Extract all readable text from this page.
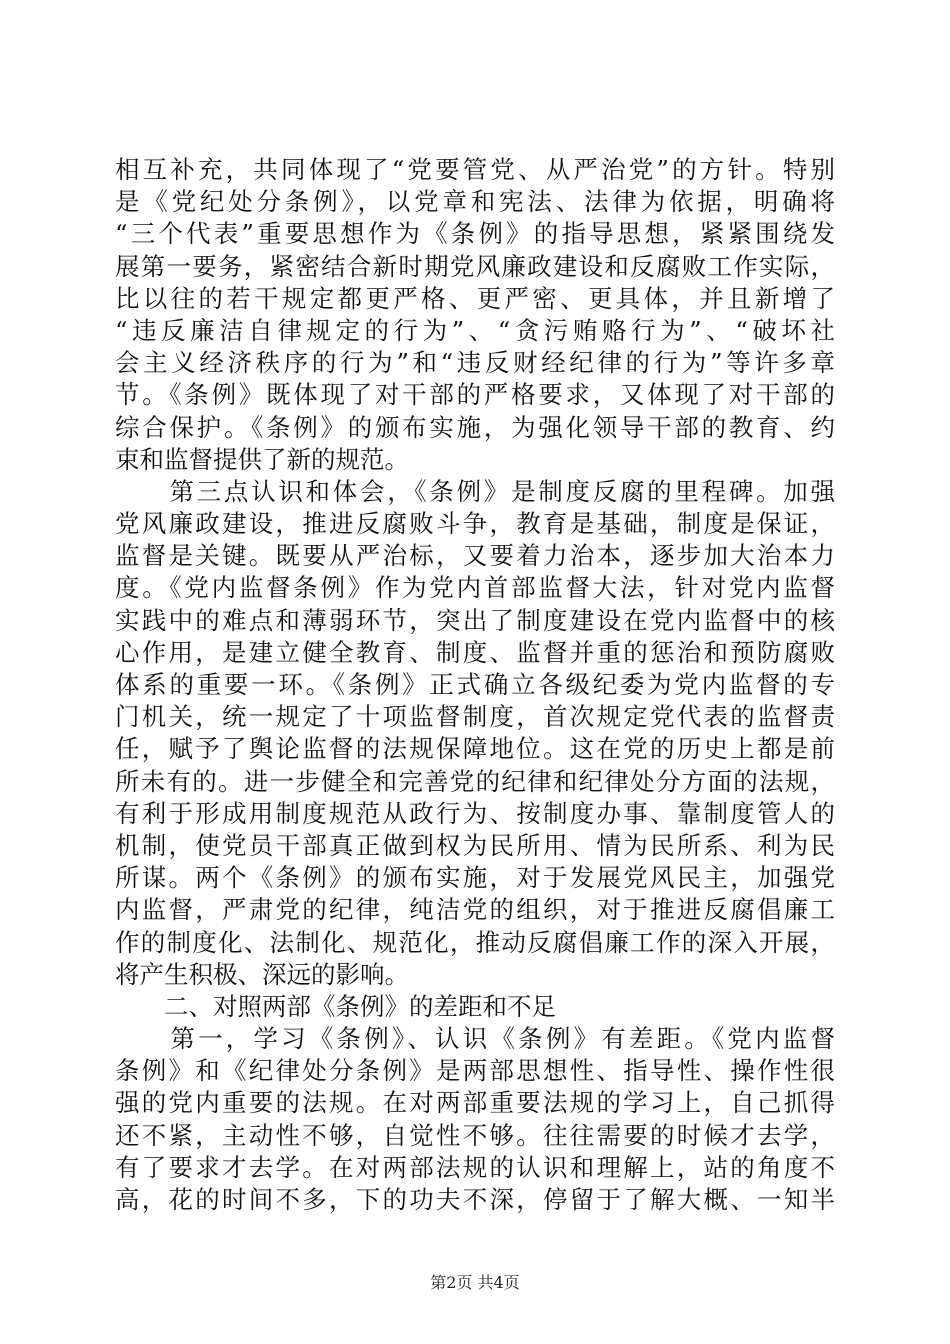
相互补充，共同体现了“党要管党、从严治党”的方针。特别
是《党纪处分条例》，以党章和宪法、法律为依据，明确将
“三个代表”重要思想作为《条例》的指导思想，紧紧围绕发
展第一要务，紧密结合新时期党风廉政建设和反腐败工作实际，
比以往的若干规定都更严格、更严密、更具体，并且新增了
“违反廉洁自律规定的行为”、“贪污贿赂行为”、“破坏社
会主义经济秩序的行为”和“违反财经纪律的行为”等许多章
节。《条例》既体现了对干部的严格要求，又体现了对干部的
综合保护。《条例》的颁布实施，为强化领导干部的教育、约
束和监督提供了新的规范。
　　第三点认识和体会，《条例》是制度反腐的里程碑。加强
党风廉政建设，推进反腐败斗争，教育是基础，制度是保证，
监督是关键。既要从严治标，又要着力治本，逐步加大治本力
度。《党内监督条例》作为党内首部监督大法，针对党内监督
实践中的难点和薄弱环节，突出了制度建设在党内监督中的核
心作用，是建立健全教育、制度、监督并重的惩治和预防腐败
体系的重要一环。《条例》正式确立各级纪委为党内监督的专
门机关，统一规定了十项监督制度，首次规定党代表的监督责
任，赋予了舆论监督的法规保障地位。这在党的历史上都是前
所未有的。进一步健全和完善党的纪律和纪律处分方面的法规，
有利于形成用制度规范从政行为、按制度办事、靠制度管人的
机制，使党员干部真正做到权为民所用、情为民所系、利为民
所谋。两个《条例》的颁布实施，对于发展党风民主，加强党
内监督，严肃党的纪律，纯洁党的组织，对于推进反腐倡廉工
作的制度化、法制化、规范化，推动反腐倡廉工作的深入开展，
将产生积极、深远的影响。
　　二、对照两部《条例》的差距和不足
　　第一，学习《条例》、认识《条例》有差距。《党内监督
条例》和《纪律处分条例》是两部思想性、指导性、操作性很
强的党内重要的法规。在对两部重要法规的学习上，自己抓得
还不紧，主动性不够，自觉性不够。往往需要的时候才去学，
有了要求才去学。在对两部法规的认识和理解上，站的角度不
高，花的时间不多，下的功夫不深，停留于了解大概、一知半
第2页 共4页
